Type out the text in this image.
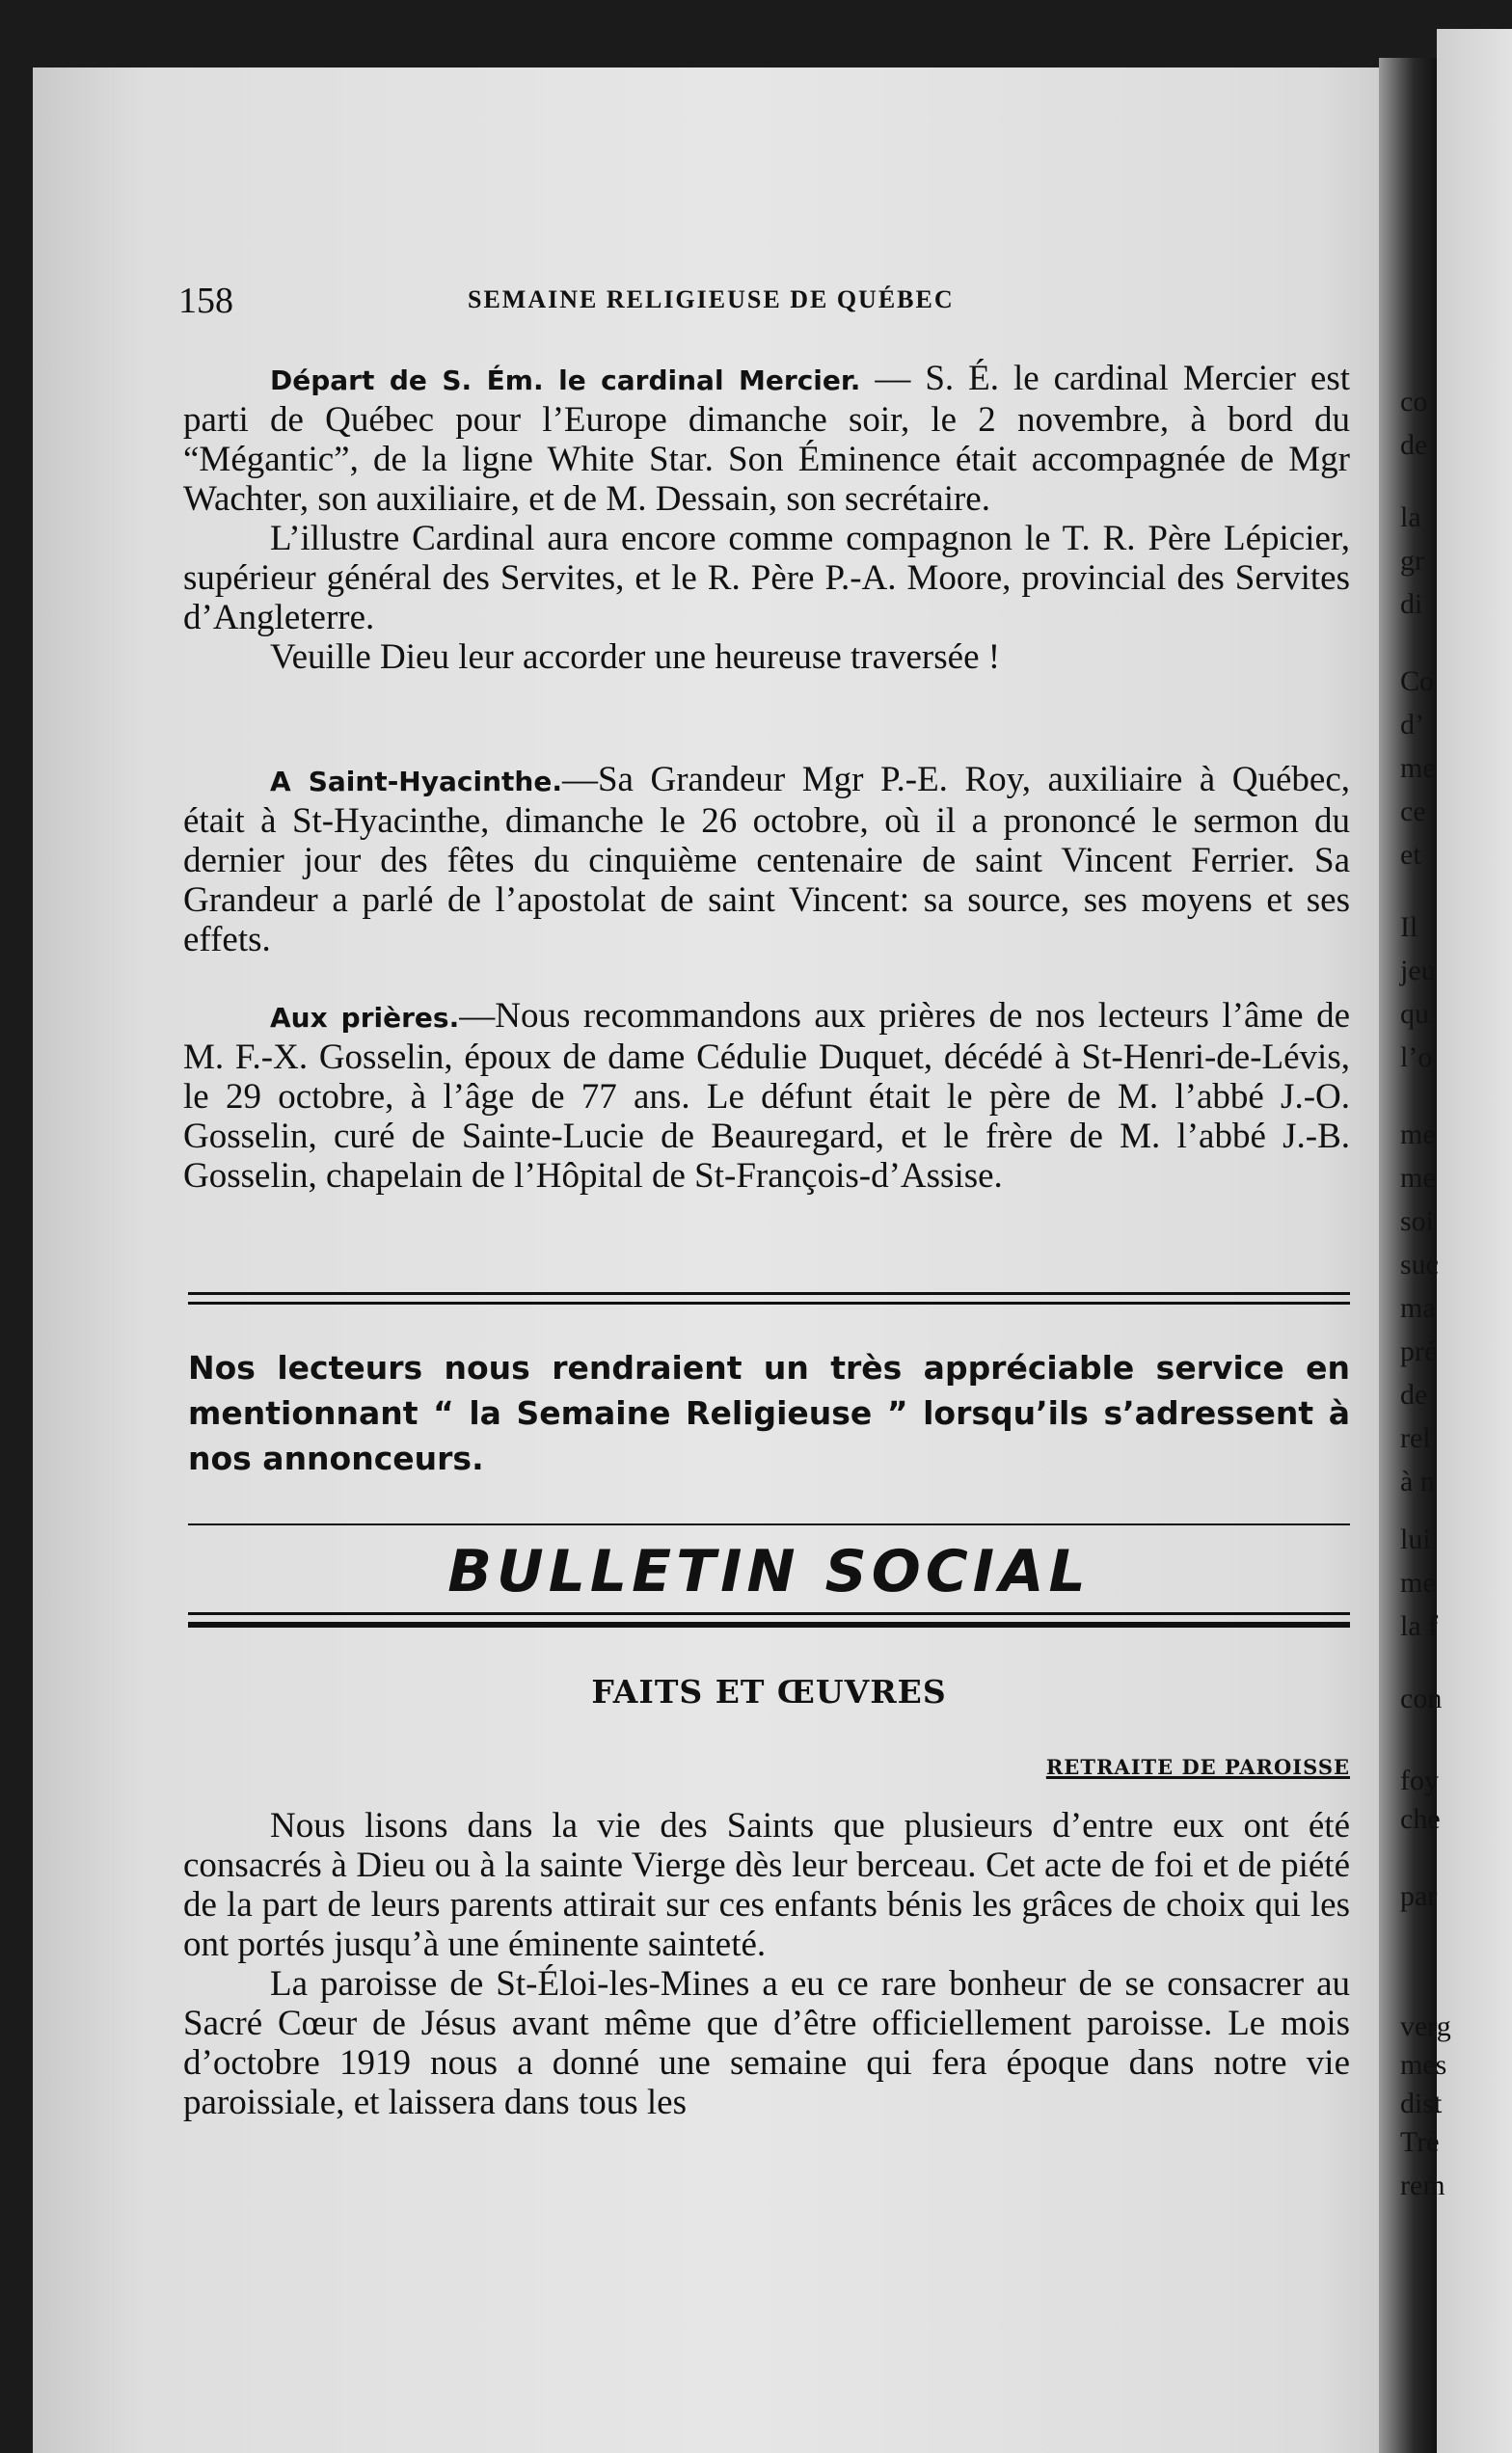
co
de
la
gr
di
Co
d’
me
ce
et
Il
jeu
qu
l’o
me
me
soi
suc
ma
pré
de
rel
à n
lui
me
la f
con
foy
che
par
verg
mes
dist
Trè
rem
158	SEMAINE RELIGIEUSE DE QUÉBEC

Départ de S. Ém. le cardinal Mercier. — S. É. le cardinal Mercier est parti de Québec pour l’Europe dimanche soir, le 2 novembre, à bord du “Mégantic”, de la ligne White Star. Son Éminence était accompagnée de Mgr Wachter, son auxiliaire, et de M. Dessain, son secrétaire.

L’illustre Cardinal aura encore comme compagnon le T. R. Père Lépicier, supérieur général des Servites, et le R. Père P.-A. Moore, provincial des Servites d’Angleterre.

Veuille Dieu leur accorder une heureuse traversée !

A Saint-Hyacinthe.—Sa Grandeur Mgr P.-E. Roy, auxiliaire à Québec, était à St-Hyacinthe, dimanche le 26 octobre, où il a prononcé le sermon du dernier jour des fêtes du cinquième centenaire de saint Vincent Ferrier. Sa Grandeur a parlé de l’apostolat de saint Vincent: sa source, ses moyens et ses effets.

Aux prières.—Nous recommandons aux prières de nos lecteurs l’âme de M. F.-X. Gosselin, époux de dame Cédulie Duquet, décédé à St-Henri-de-Lévis, le 29 octobre, à l’âge de 77 ans. Le défunt était le père de M. l’abbé J.-O. Gosselin, curé de Sainte-Lucie de Beauregard, et le frère de M. l’abbé J.-B. Gosselin, chapelain de l’Hôpital de St-François-d’Assise.

Nos lecteurs nous rendraient un très appréciable service en mentionnant “ la Semaine Religieuse ” lorsqu’ils s’adressent à nos annonceurs.
BULLETIN SOCIAL
FAITS ET ŒUVRES
RETRAITE DE PAROISSE

Nous lisons dans la vie des Saints que plusieurs d’entre eux ont été consacrés à Dieu ou à la sainte Vierge dès leur berceau. Cet acte de foi et de piété de la part de leurs parents attirait sur ces enfants bénis les grâces de choix qui les ont portés jusqu’à une éminente sainteté.

La paroisse de St-Éloi-les-Mines a eu ce rare bonheur de se consacrer au Sacré Cœur de Jésus avant même que d’être officiellement paroisse. Le mois d’octobre 1919 nous a donné une semaine qui fera époque dans notre vie paroissiale, et laissera dans tous les
